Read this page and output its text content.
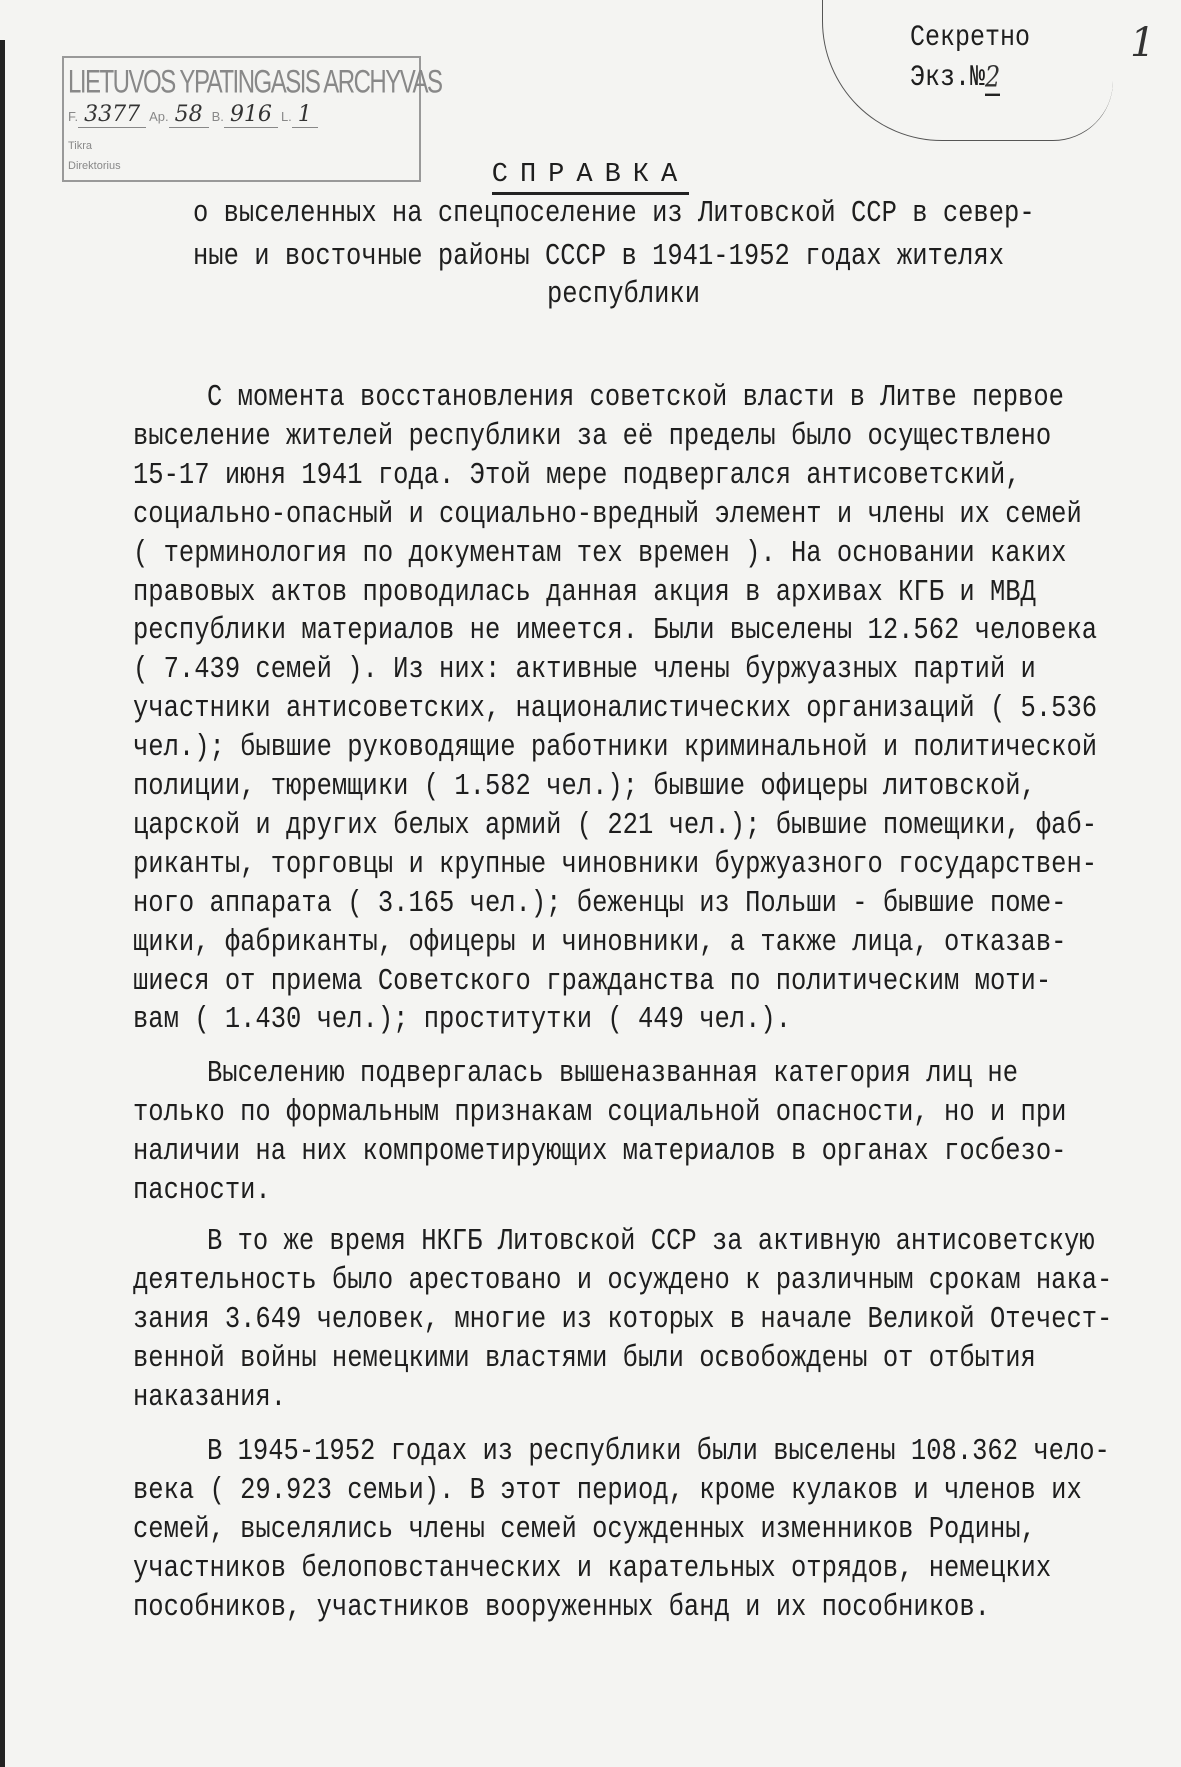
LIETUVOS YPATINGASIS ARCHYVAS
F. 3377 Ap. 58 B. 916 L. 1
Tikra
Direktorius
Секретно
Экз.№ 2
1
СПРАВКА
о выселенных на спецпоселение из Литовской ССР в север-
ные и восточные районы СССР в 1941-1952 годах жителях
республики
С момента восстановления советской власти в Литве первое
выселение жителей республики за её пределы было осуществлено
15-17 июня 1941 года. Этой мере подвергался антисоветский,
социально-опасный и социально-вредный элемент и члены их семей
( терминология по документам тех времен ). На основании каких
правовых актов проводилась данная акция в архивах КГБ и МВД
республики материалов не имеется. Были выселены 12.562 человека
( 7.439 семей ). Из них: активные члены буржуазных партий и
участники антисоветских, националистических организаций ( 5.536
чел.); бывшие руководящие работники криминальной и политической
полиции, тюремщики ( 1.582 чел.); бывшие офицеры литовской,
царской и других белых армий ( 221 чел.); бывшие помещики, фаб-
риканты, торговцы и крупные чиновники буржуазного государствен-
ного аппарата ( 3.165 чел.); беженцы из Польши - бывшие поме-
щики, фабриканты, офицеры и чиновники, а также лица, отказав-
шиеся от приема Советского гражданства по политическим моти-
вам ( 1.430 чел.); проститутки ( 449 чел.).
Выселению подвергалась вышеназванная категория лиц не
только по формальным признакам социальной опасности, но и при
наличии на них компрометирующих материалов в органах госбезо-
пасности.
В то же время НКГБ Литовской ССР за активную антисоветскую
деятельность было арестовано и осуждено к различным срокам нака-
зания 3.649 человек, многие из которых в начале Великой Отечест-
венной войны немецкими властями были освобождены от отбытия
наказания.
В 1945-1952 годах из республики были выселены 108.362 чело-
века ( 29.923 семьи). В этот период, кроме кулаков и членов их
семей, выселялись члены семей осужденных изменников Родины,
участников белоповстанческих и карательных отрядов, немецких
пособников, участников вооруженных банд и их пособников.
